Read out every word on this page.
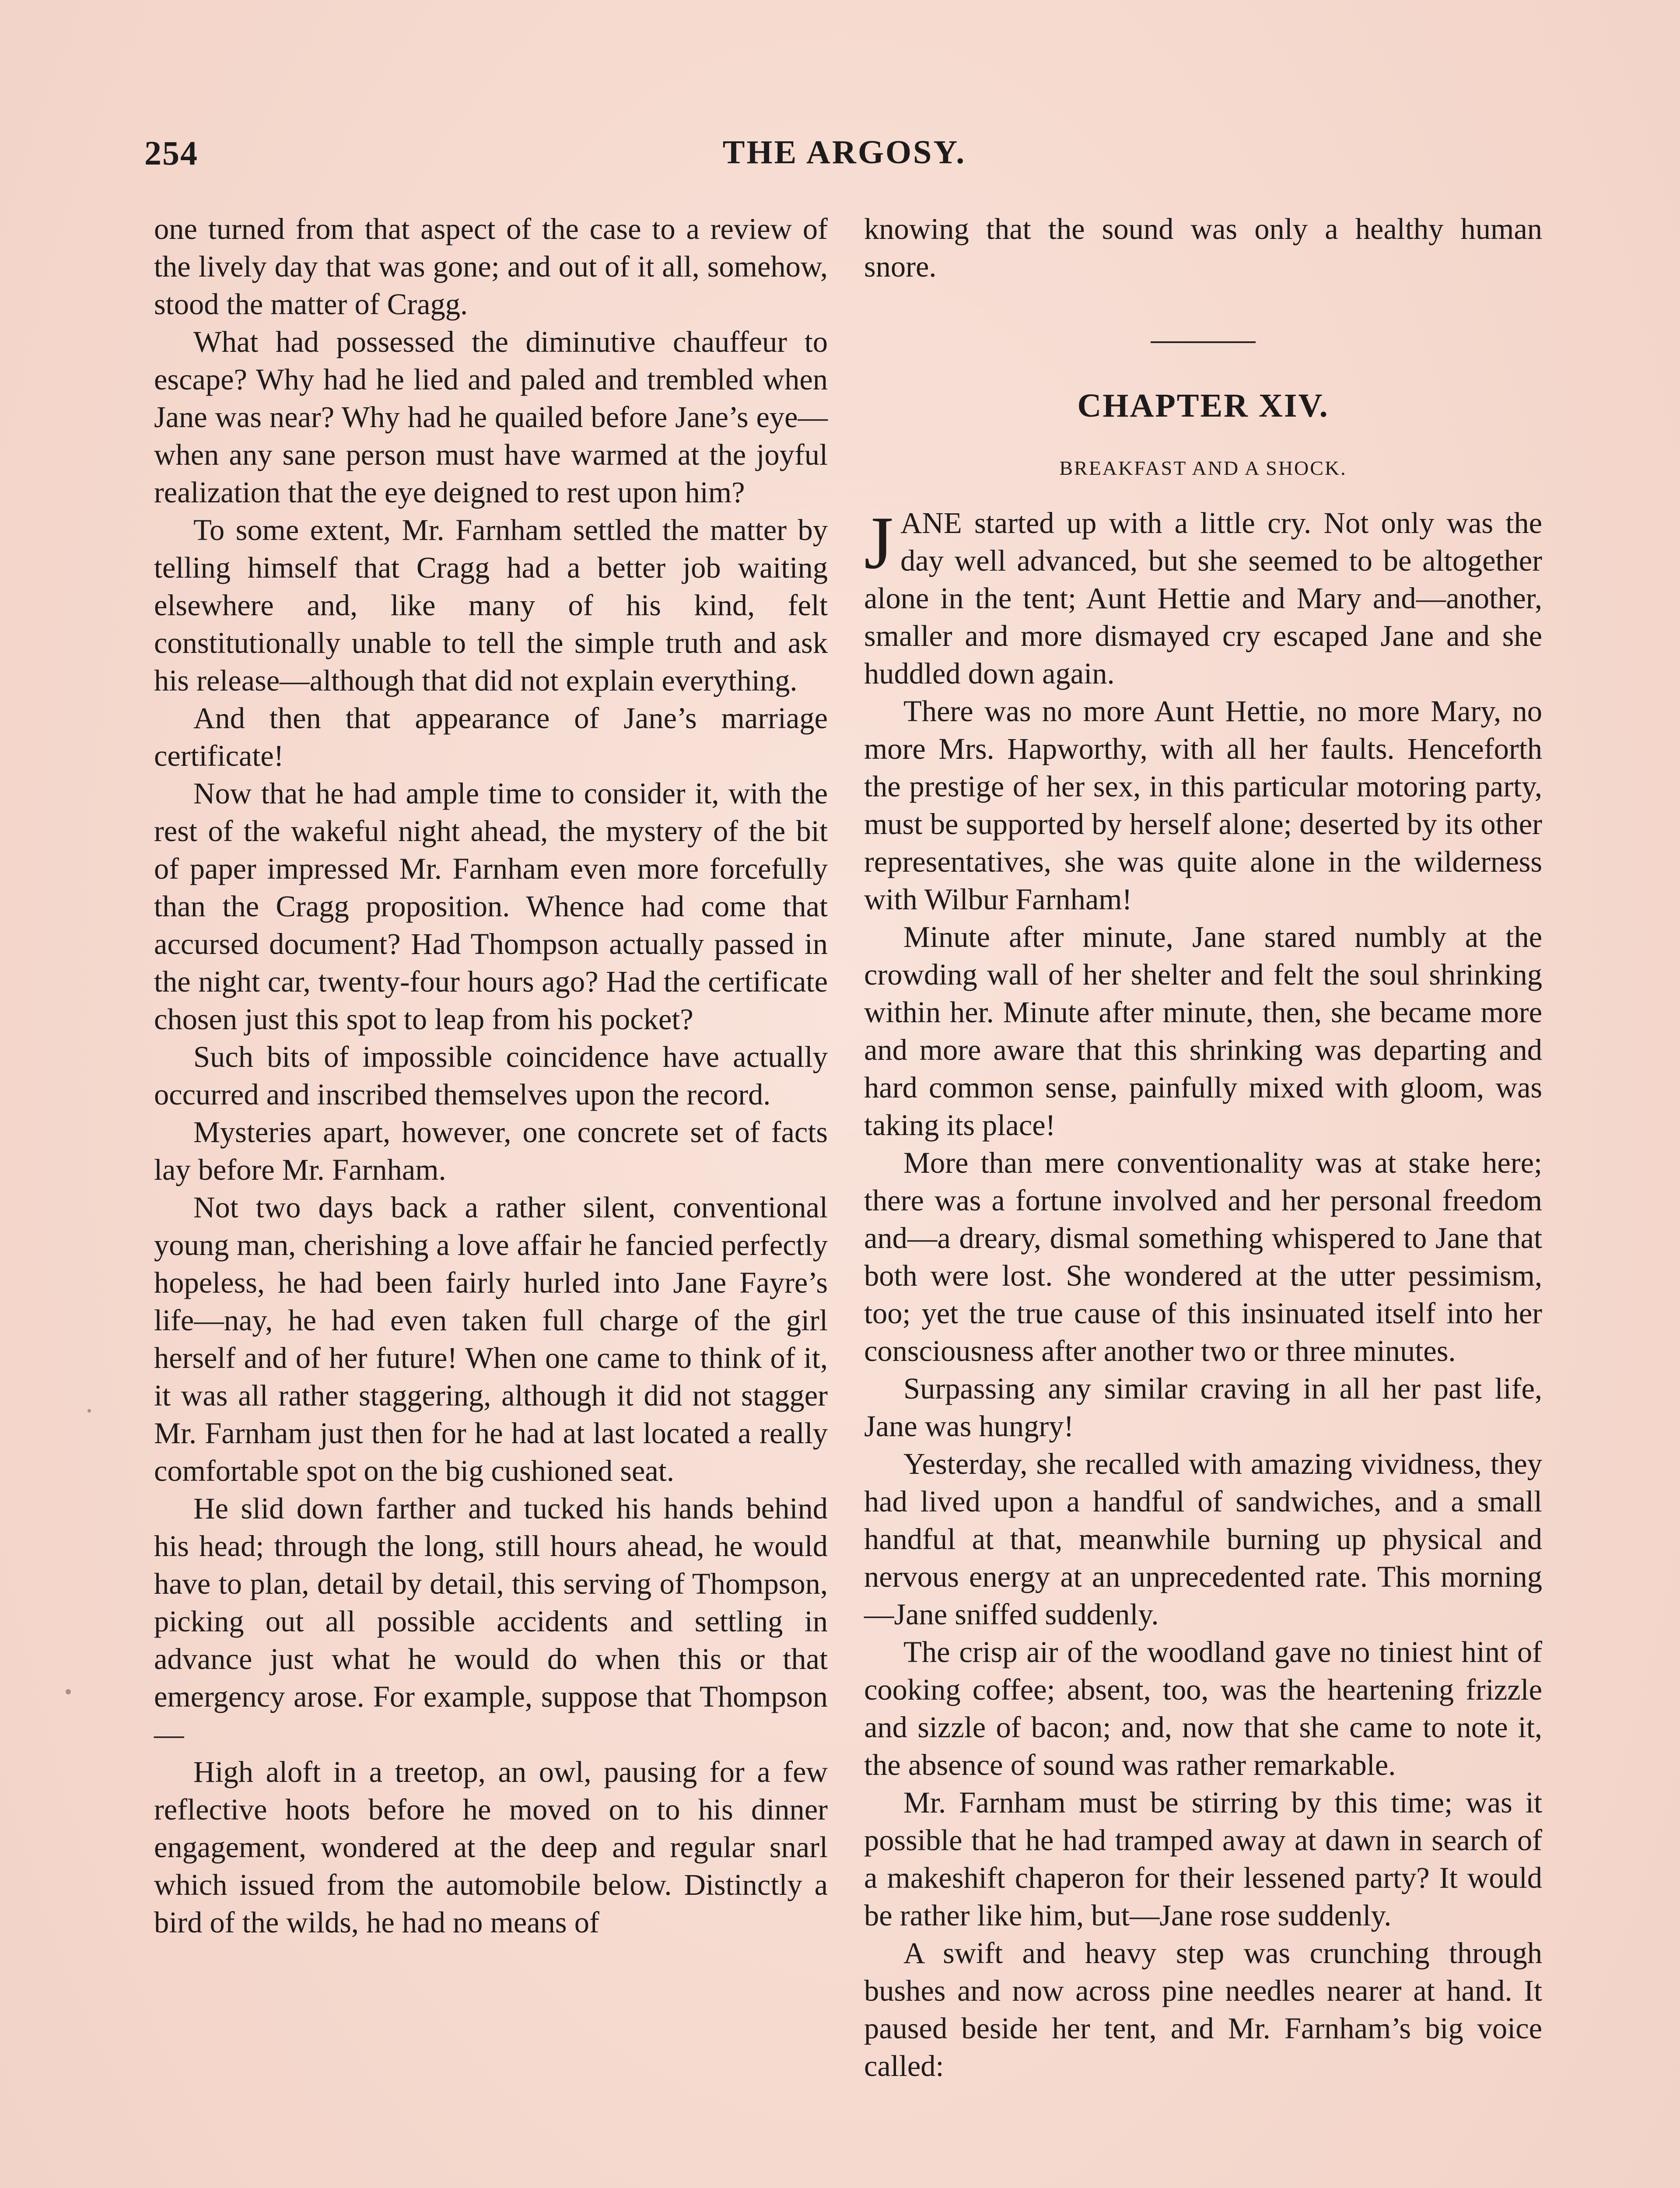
254	THE ARGOSY.

one turned from that aspect of the case to a review of the lively day that was gone; and out of it all, somehow, stood the matter of Cragg.

What had possessed the diminutive chauffeur to escape? Why had he lied and paled and trembled when Jane was near? Why had he quailed before Jane’s eye—when any sane person must have warmed at the joyful realization that the eye deigned to rest upon him?

To some extent, Mr. Farnham settled the matter by telling himself that Cragg had a better job waiting elsewhere and, like many of his kind, felt constitutionally unable to tell the simple truth and ask his release—although that did not explain everything.

And then that appearance of Jane’s marriage certificate!

Now that he had ample time to consider it, with the rest of the wakeful night ahead, the mystery of the bit of paper impressed Mr. Farnham even more forcefully than the Cragg proposition. Whence had come that accursed document? Had Thompson actually passed in the night car, twenty-four hours ago? Had the certificate chosen just this spot to leap from his pocket?

Such bits of impossible coincidence have actually occurred and inscribed themselves upon the record.

Mysteries apart, however, one concrete set of facts lay before Mr. Farnham.

Not two days back a rather silent, conventional young man, cherishing a love affair he fancied perfectly hopeless, he had been fairly hurled into Jane Fayre’s life—nay, he had even taken full charge of the girl herself and of her future! When one came to think of it, it was all rather staggering, although it did not stagger Mr. Farnham just then for he had at last located a really comfortable spot on the big cushioned seat.

He slid down farther and tucked his hands behind his head; through the long, still hours ahead, he would have to plan, detail by detail, this serving of Thompson, picking out all possible accidents and settling in advance just what he would do when this or that emergency arose. For example, suppose that Thompson—

High aloft in a treetop, an owl, pausing for a few reflective hoots before he moved on to his dinner engagement, wondered at the deep and regular snarl which issued from the automobile below. Distinctly a bird of the wilds, he had no means of

knowing that the sound was only a healthy human snore.

CHAPTER XIV.
BREAKFAST AND A SHOCK.

JANE started up with a little cry. Not only was the day well advanced, but she seemed to be altogether alone in the tent; Aunt Hettie and Mary and—another, smaller and more dismayed cry escaped Jane and she huddled down again.

There was no more Aunt Hettie, no more Mary, no more Mrs. Hapworthy, with all her faults. Henceforth the prestige of her sex, in this particular motoring party, must be supported by herself alone; deserted by its other representatives, she was quite alone in the wilderness with Wilbur Farnham!

Minute after minute, Jane stared numbly at the crowding wall of her shelter and felt the soul shrinking within her. Minute after minute, then, she became more and more aware that this shrinking was departing and hard common sense, painfully mixed with gloom, was taking its place!

More than mere conventionality was at stake here; there was a fortune involved and her personal freedom and—a dreary, dismal something whispered to Jane that both were lost. She wondered at the utter pessimism, too; yet the true cause of this insinuated itself into her consciousness after another two or three minutes.

Surpassing any similar craving in all her past life, Jane was hungry!

Yesterday, she recalled with amazing vividness, they had lived upon a handful of sandwiches, and a small handful at that, meanwhile burning up physical and nervous energy at an unprecedented rate. This morning—Jane sniffed suddenly.

The crisp air of the woodland gave no tiniest hint of cooking coffee; absent, too, was the heartening frizzle and sizzle of bacon; and, now that she came to note it, the absence of sound was rather remarkable.

Mr. Farnham must be stirring by this time; was it possible that he had tramped away at dawn in search of a makeshift chaperon for their lessened party? It would be rather like him, but—Jane rose suddenly.

A swift and heavy step was crunching through bushes and now across pine needles nearer at hand. It paused beside her tent, and Mr. Farnham’s big voice called:
